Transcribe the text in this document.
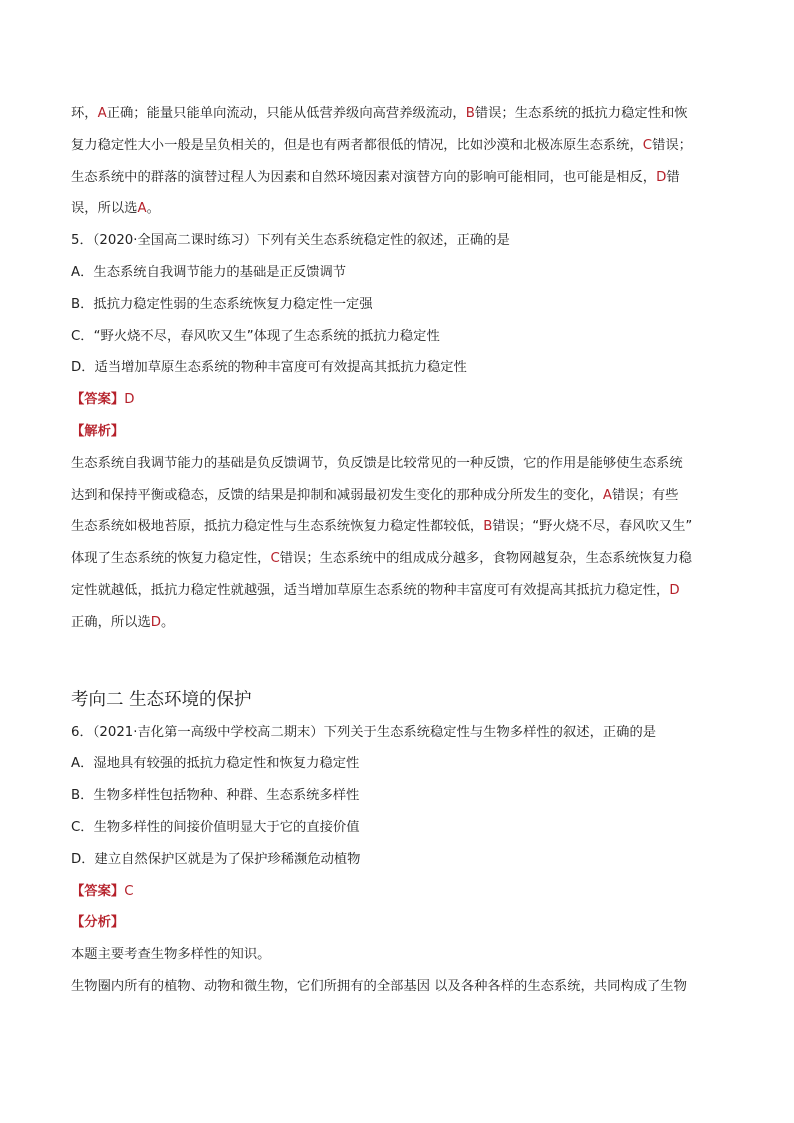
环，A正确；能量只能单向流动，只能从低营养级向高营养级流动，B错误；生态系统的抵抗力稳定性和恢
复力稳定性大小一般是呈负相关的，但是也有两者都很低的情况，比如沙漠和北极冻原生态系统，C错误；
生态系统中的群落的演替过程人为因素和自然环境因素对演替方向的影响可能相同，也可能是相反，D错
误，所以选A。
5．（2020·全国高二课时练习）下列有关生态系统稳定性的叙述，正确的是
A．生态系统自我调节能力的基础是正反馈调节
B．抵抗力稳定性弱的生态系统恢复力稳定性一定强
C．“野火烧不尽，春风吹又生”体现了生态系统的抵抗力稳定性
D．适当增加草原生态系统的物种丰富度可有效提高其抵抗力稳定性
【答案】D
【解析】
生态系统自我调节能力的基础是负反馈调节，负反馈是比较常见的一种反馈，它的作用是能够使生态系统
达到和保持平衡或稳态，反馈的结果是抑制和减弱最初发生变化的那种成分所发生的变化，A错误；有些
生态系统如极地苔原，抵抗力稳定性与生态系统恢复力稳定性都较低，B错误；“野火烧不尽，春风吹又生”
体现了生态系统的恢复力稳定性，C错误；生态系统中的组成成分越多，食物网越复杂，生态系统恢复力稳
定性就越低，抵抗力稳定性就越强，适当增加草原生态系统的物种丰富度可有效提高其抵抗力稳定性，D
正确，所以选D。
考向二 生态环境的保护
6．（2021·吉化第一高级中学校高二期末）下列关于生态系统稳定性与生物多样性的叙述，正确的是
A．湿地具有较强的抵抗力稳定性和恢复力稳定性
B．生物多样性包括物种、种群、生态系统多样性
C．生物多样性的间接价值明显大于它的直接价值
D．建立自然保护区就是为了保护珍稀濒危动植物
【答案】C
【分析】
本题主要考查生物多样性的知识。
生物圈内所有的植物、动物和微生物，它们所拥有的全部基因 以及各种各样的生态系统，共同构成了生物
